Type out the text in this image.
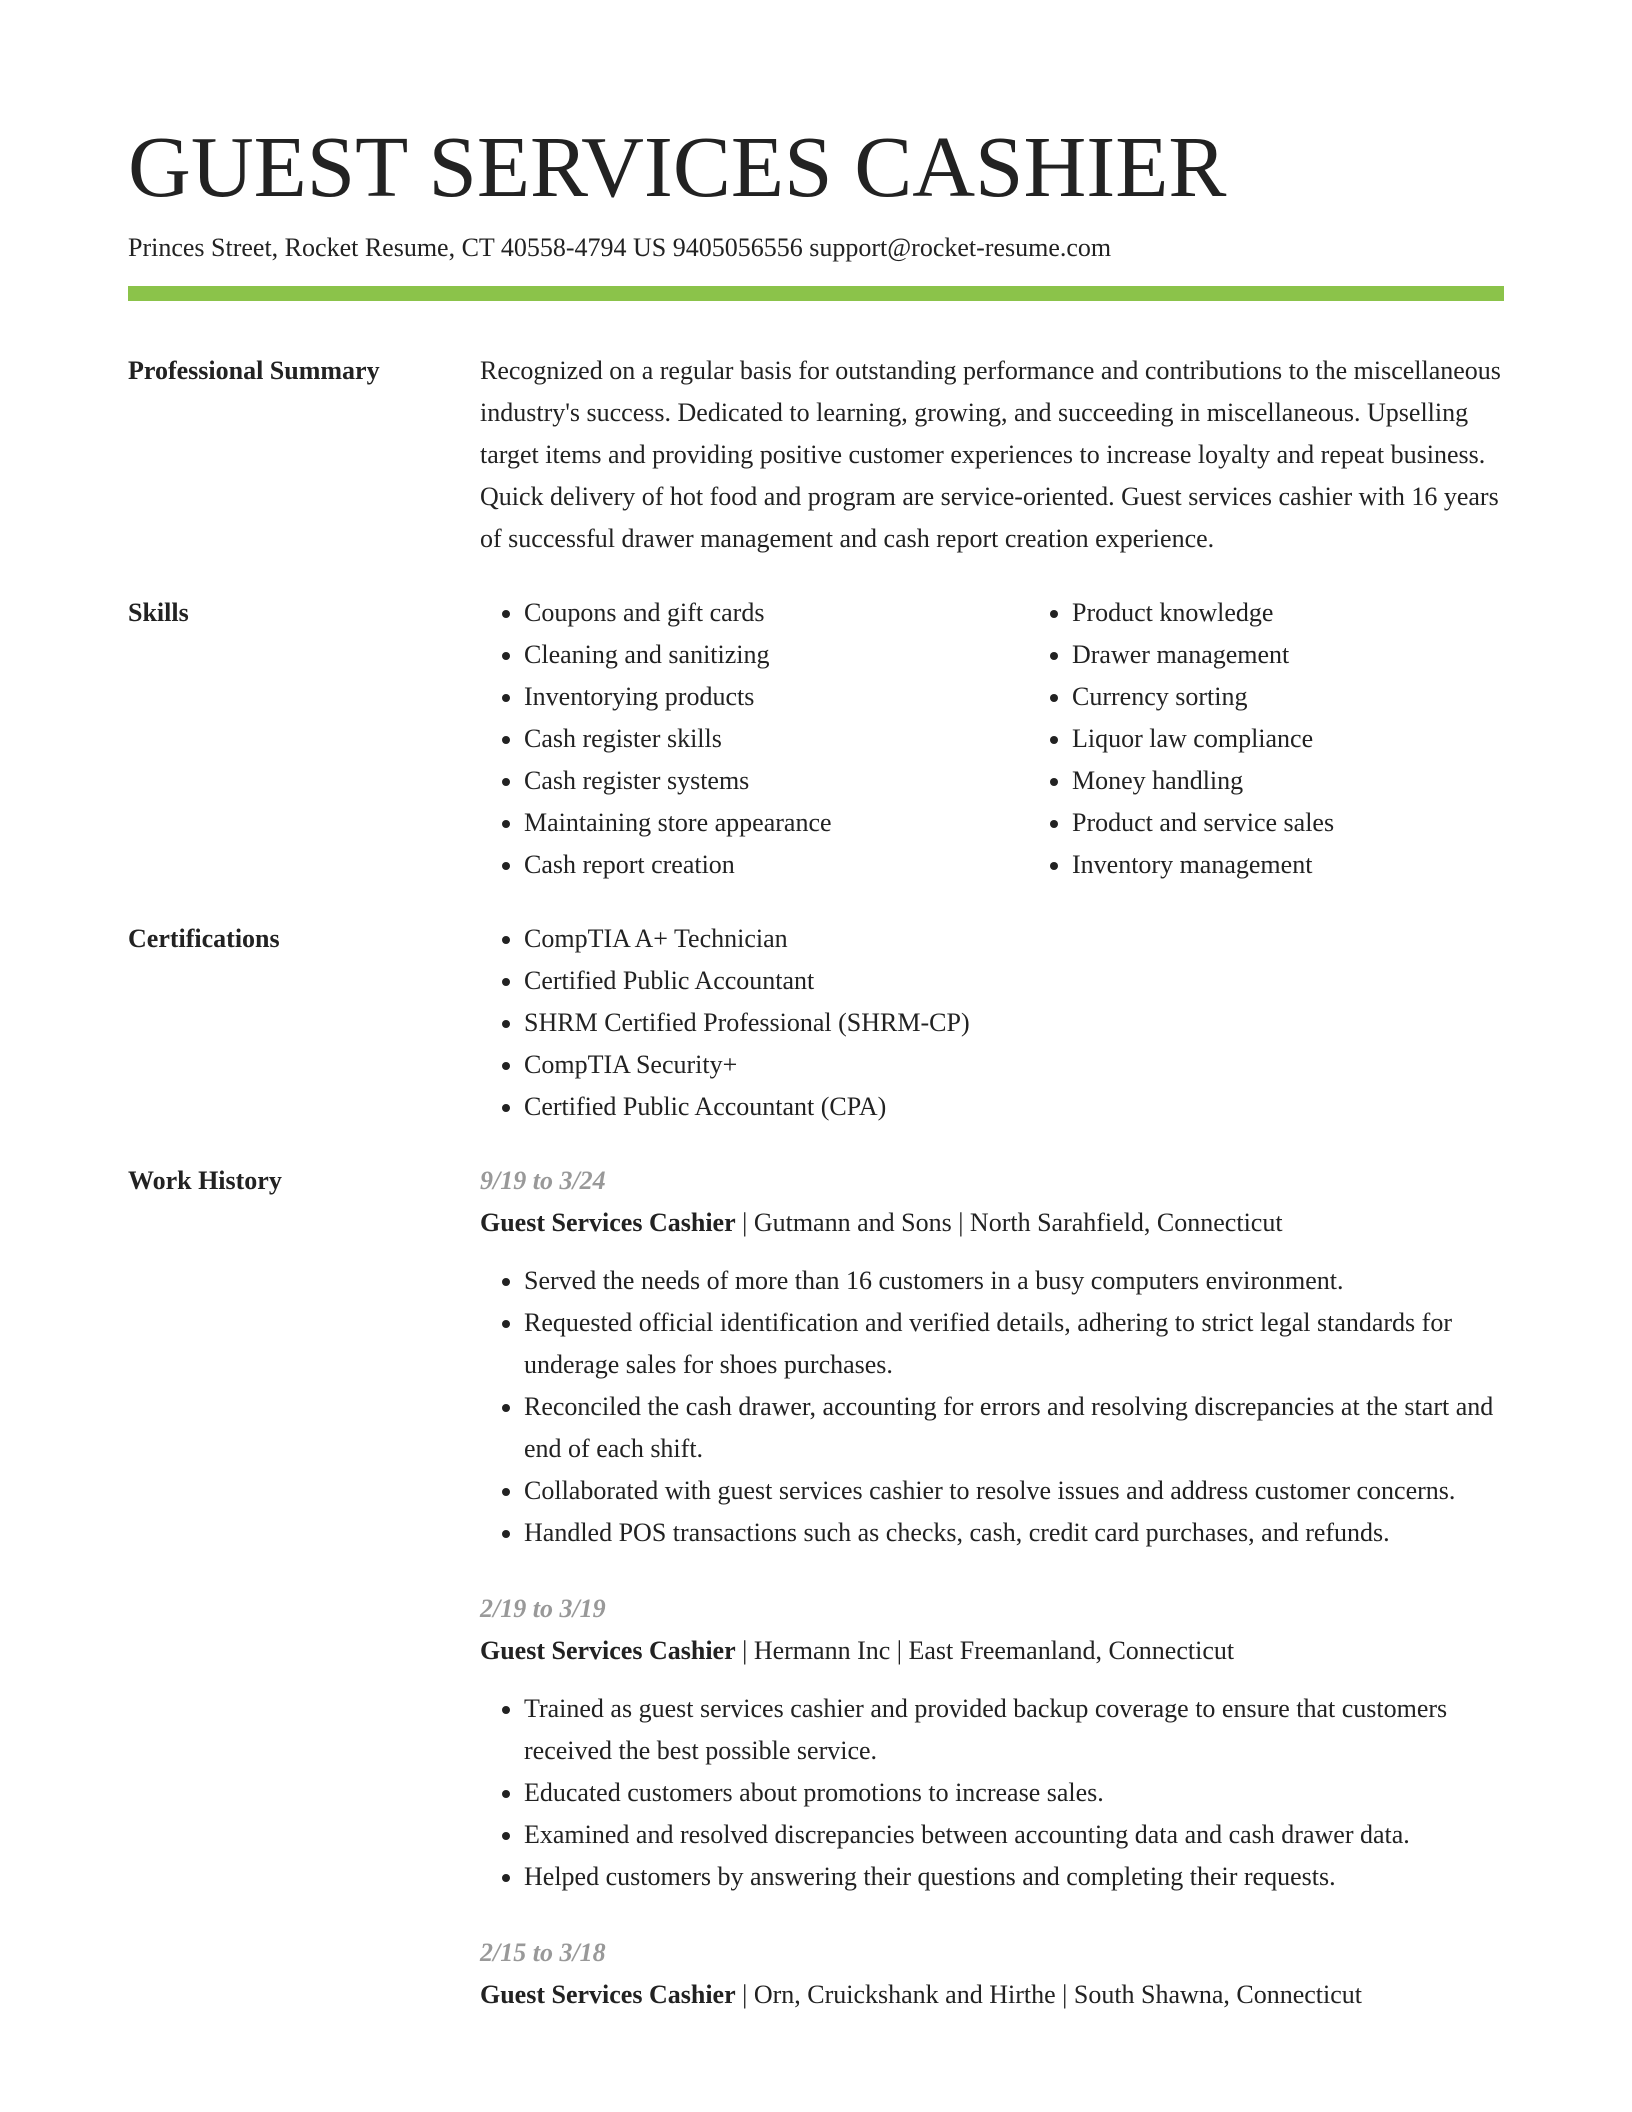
GUEST SERVICES CASHIER
Princes Street, Rocket Resume, CT 40558-4794 US 9405056556 support@rocket-resume.com
Professional Summary	Recognized on a regular basis for outstanding performance and contributions to the miscellaneous industry's success. Dedicated to learning, growing, and succeeding in miscellaneous. Upselling target items and providing positive customer experiences to increase loyalty and repeat business. Quick delivery of hot food and program are service-oriented. Guest services cashier with 16 years of successful drawer management and cash report creation experience.

Skills	• Coupons and gift cards
• Cleaning and sanitizing
• Inventorying products
• Cash register skills
• Cash register systems
• Maintaining store appearance
• Cash report creation
• Product knowledge
• Drawer management
• Currency sorting
• Liquor law compliance
• Money handling
• Product and service sales
• Inventory management
Certifications	• CompTIA A+ Technician
• Certified Public Accountant
• SHRM Certified Professional (SHRM-CP)
• CompTIA Security+
• Certified Public Accountant (CPA)
Work History	9/19 to 3/24
Guest Services Cashier | Gutmann and Sons | North Sarahfield, Connecticut
• Served the needs of more than 16 customers in a busy computers environment.
• Requested official identification and verified details, adhering to strict legal standards for underage sales for shoes purchases.
• Reconciled the cash drawer, accounting for errors and resolving discrepancies at the start and end of each shift.
• Collaborated with guest services cashier to resolve issues and address customer concerns.
• Handled POS transactions such as checks, cash, credit card purchases, and refunds.
2/19 to 3/19
Guest Services Cashier | Hermann Inc | East Freemanland, Connecticut
• Trained as guest services cashier and provided backup coverage to ensure that customers received the best possible service.
• Educated customers about promotions to increase sales.
• Examined and resolved discrepancies between accounting data and cash drawer data.
• Helped customers by answering their questions and completing their requests.
2/15 to 3/18
Guest Services Cashier | Orn, Cruickshank and Hirthe | South Shawna, Connecticut
